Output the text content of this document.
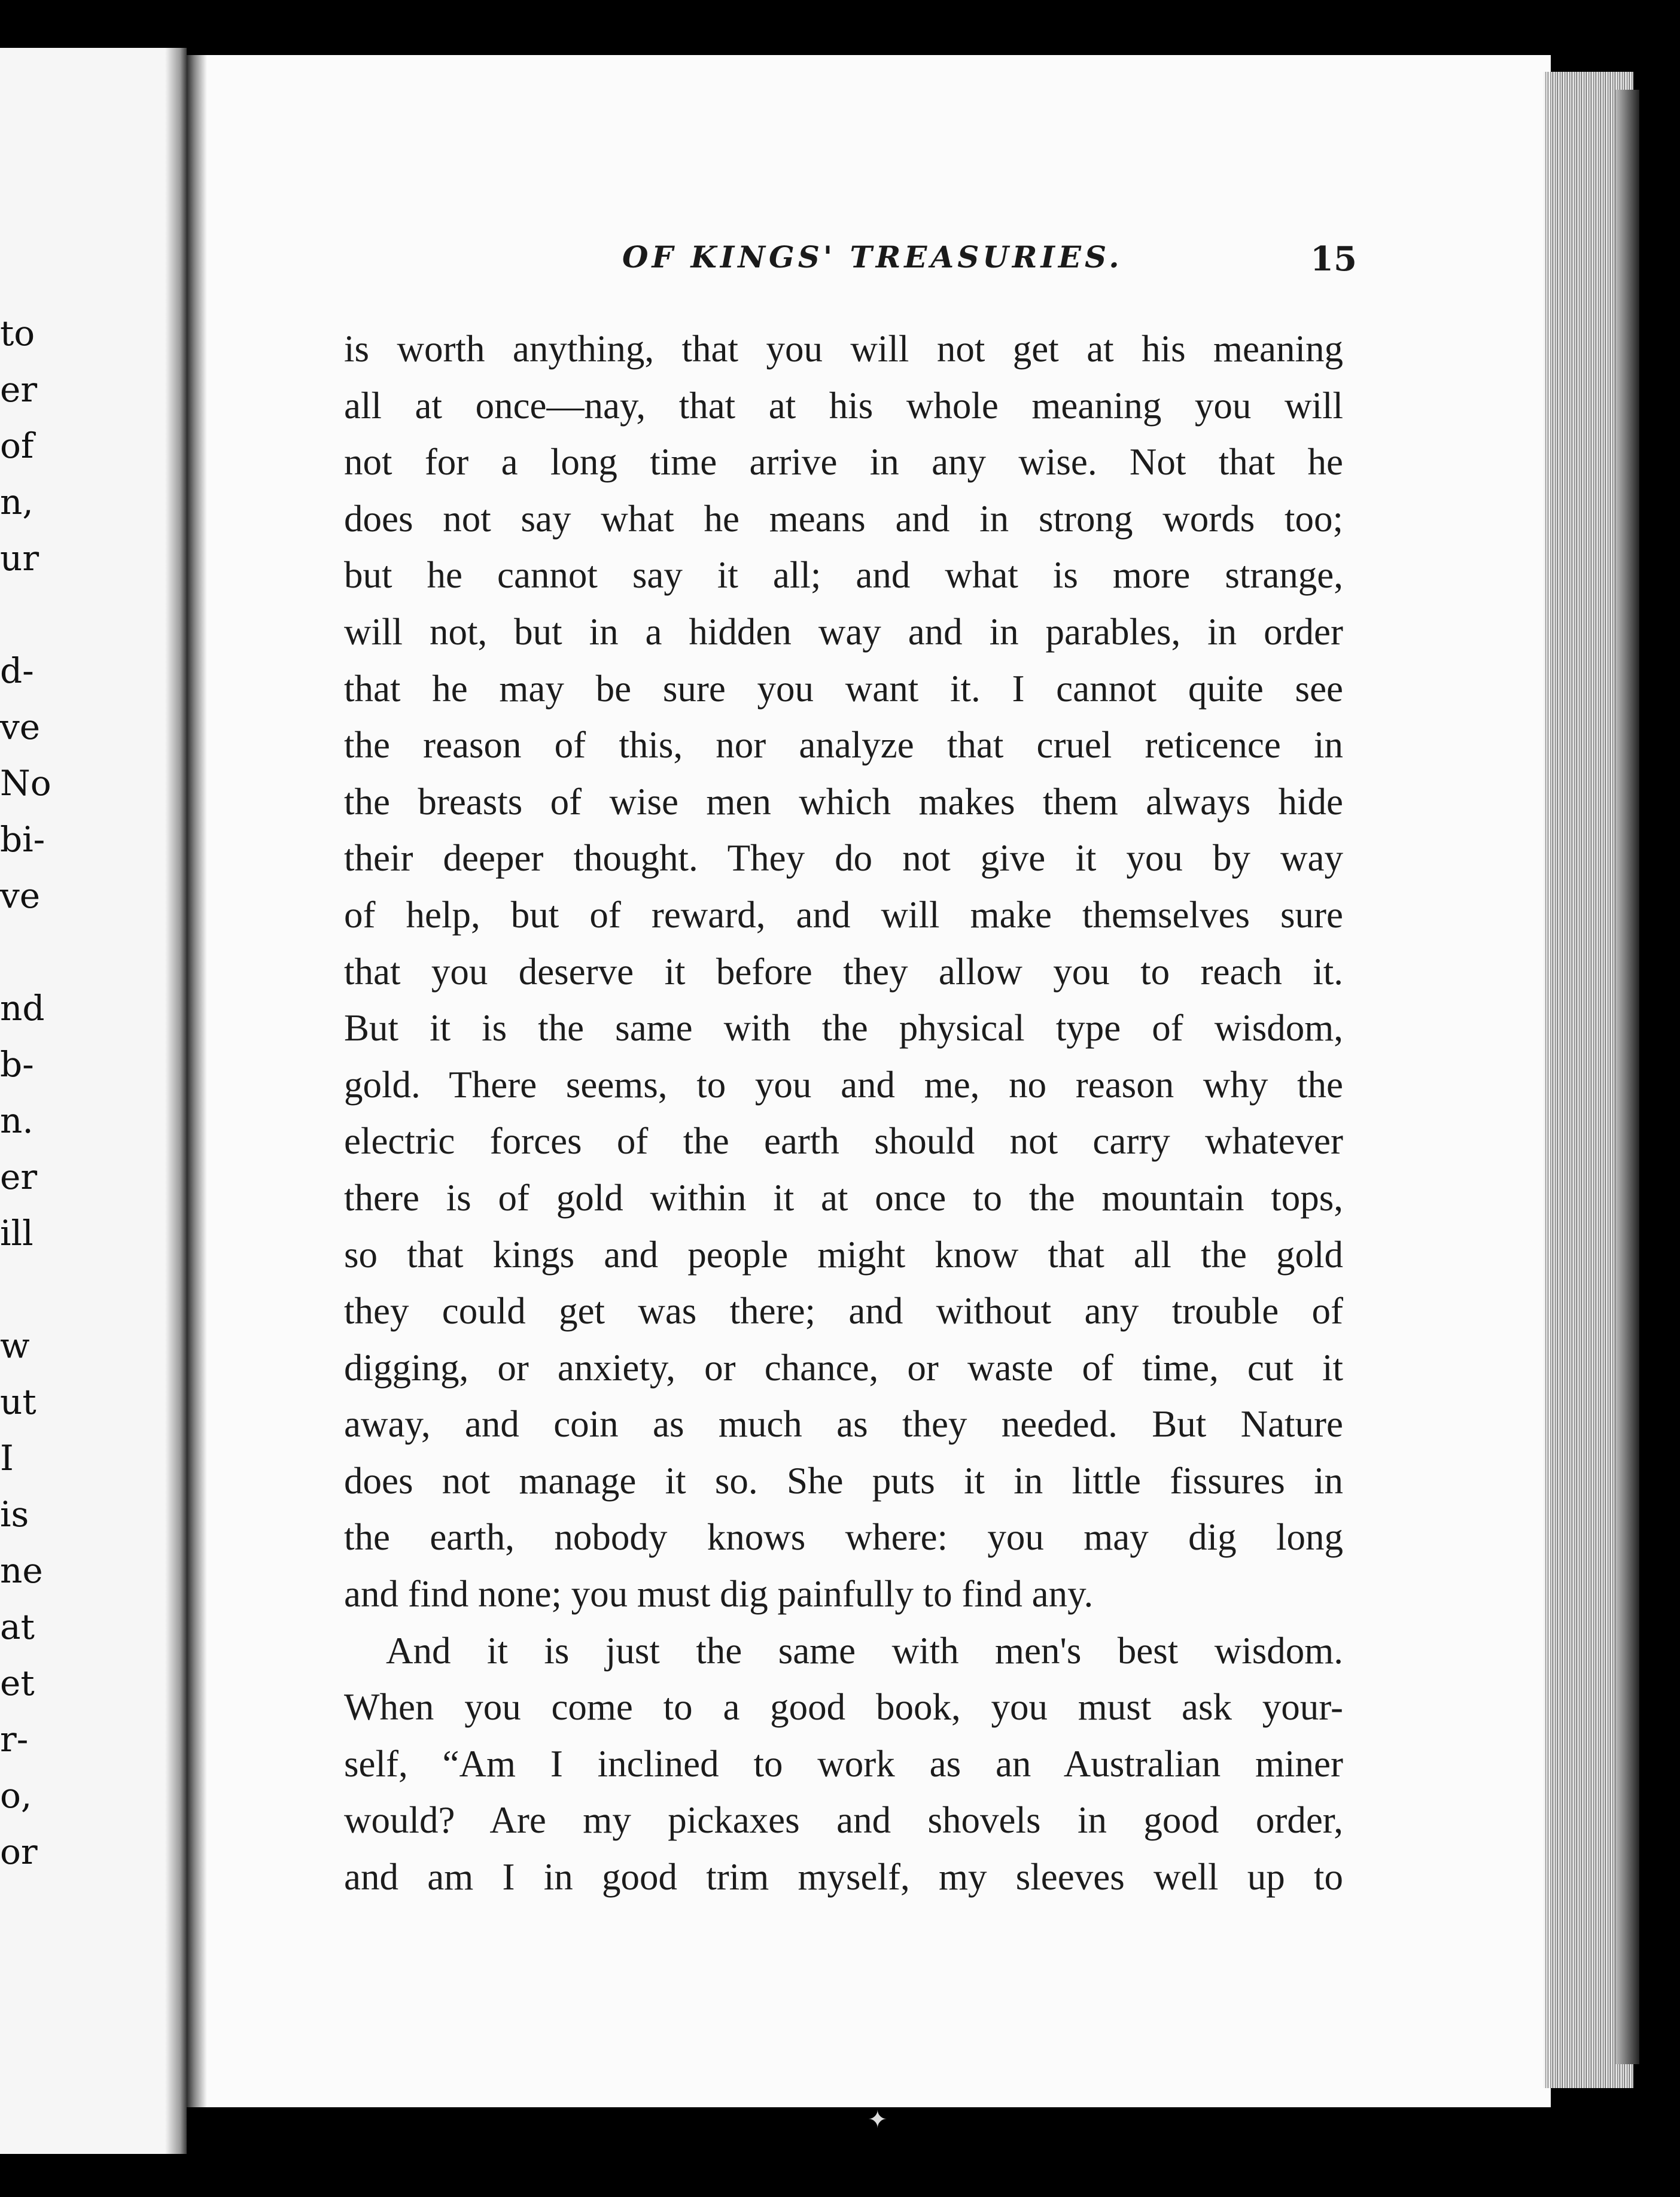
to
er
of
n,
ur
d-
ve
No
bi-
ve
nd
b-
n.
er
ill
w
ut
I
is
ne
at
et
r-
o,
or
OF KINGS' TREASURIES.	15
is worth anything, that you will not get at his meaning
all at once—nay, that at his whole meaning you will
not for a long time arrive in any wise. Not that he
does not say what he means and in strong words too;
but he cannot say it all; and what is more strange,
will not, but in a hidden way and in parables, in order
that he may be sure you want it. I cannot quite see
the reason of this, nor analyze that cruel reticence in
the breasts of wise men which makes them always hide
their deeper thought. They do not give it you by way
of help, but of reward, and will make themselves sure
that you deserve it before they allow you to reach it.
But it is the same with the physical type of wisdom,
gold. There seems, to you and me, no reason why the
electric forces of the earth should not carry whatever
there is of gold within it at once to the mountain tops,
so that kings and people might know that all the gold
they could get was there; and without any trouble of
digging, or anxiety, or chance, or waste of time, cut it
away, and coin as much as they needed. But Nature
does not manage it so. She puts it in little fissures in
the earth, nobody knows where: you may dig long
and find none; you must dig painfully to find any.
And it is just the same with men's best wisdom.
When you come to a good book, you must ask your-
self, “Am I inclined to work as an Australian miner
would? Are my pickaxes and shovels in good order,
and am I in good trim myself, my sleeves well up to
✦
